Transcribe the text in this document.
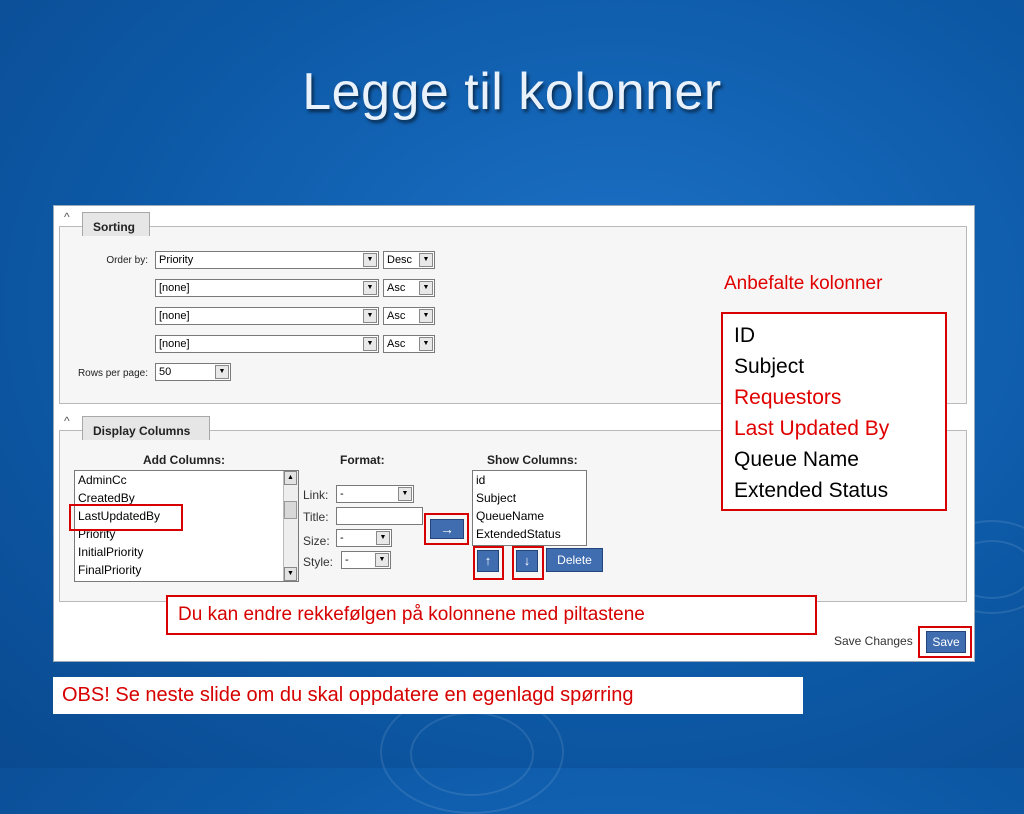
Legge til kolonner
^
Sorting
Order by:	Priority	▼	Desc	▼
[none]	▼	Asc	▼
[none]	▼	Asc	▼
[none]	▼	Asc	▼
Rows per page:	50	▼
^
Display Columns
Add Columns:	Format:	Show Columns:
AdminCc
CreatedBy
LastUpdatedBy
Priority
InitialPriority
FinalPriority
▲
▼
Link:	-	▼
Title:
Size: -	▼
Style:	-	▼
→
id
Subject
QueueName
ExtendedStatus
↑	↓	Delete
Save Changes	Save
Anbefalte kolonner
ID
Subject
Requestors
Last Updated By
Queue Name
Extended Status
Du kan endre rekkefølgen på kolonnene med piltastene
OBS! Se neste slide om du skal oppdatere en egenlagd spørring
